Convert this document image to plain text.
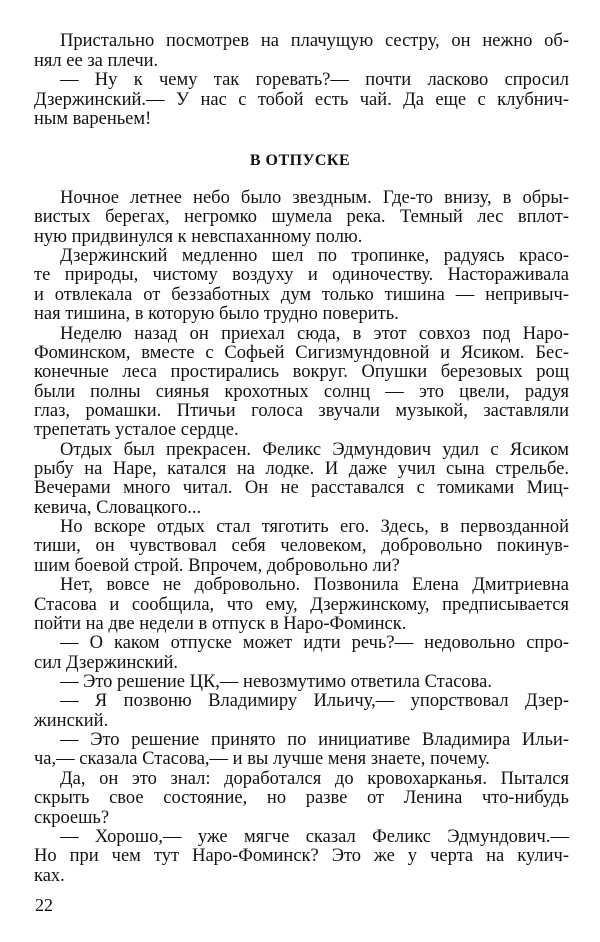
Пристально посмотрев на плачущую сестру, он нежно об-
нял ее за плечи.
— Ну к чему так горевать?— почти ласково спросил
Дзержинский.— У нас с тобой есть чай. Да еще с клубнич-
ным вареньем!
В ОТПУСКЕ
Ночное летнее небо было звездным. Где-то внизу, в обры-
вистых берегах, негромко шумела река. Темный лес вплот-
ную придвинулся к невспаханному полю.
Дзержинский медленно шел по тропинке, радуясь красо-
те природы, чистому воздуху и одиночеству. Настораживала
и отвлекала от беззаботных дум только тишина — непривыч-
ная тишина, в которую было трудно поверить.
Неделю назад он приехал сюда, в этот совхоз под Наро-
Фоминском, вместе с Софьей Сигизмундовной и Ясиком. Бес-
конечные леса простирались вокруг. Опушки березовых рощ
были полны сиянья крохотных солнц — это цвели, радуя
глаз, ромашки. Птичьи голоса звучали музыкой, заставляли
трепетать усталое сердце.
Отдых был прекрасен. Феликс Эдмундович удил с Ясиком
рыбу на Наре, катался на лодке. И даже учил сына стрельбе.
Вечерами много читал. Он не расставался с томиками Миц-
кевича, Словацкого...
Но вскоре отдых стал тяготить его. Здесь, в первозданной
тиши, он чувствовал себя человеком, добровольно покинув-
шим боевой строй. Впрочем, добровольно ли?
Нет, вовсе не добровольно. Позвонила Елена Дмитриевна
Стасова и сообщила, что ему, Дзержинскому, предписывается
пойти на две недели в отпуск в Наро-Фоминск.
— О каком отпуске может идти речь?— недовольно спро-
сил Дзержинский.
— Это решение ЦК,— невозмутимо ответила Стасова.
— Я позвоню Владимиру Ильичу,— упорствовал Дзер-
жинский.
— Это решение принято по инициативе Владимира Ильи-
ча,— сказала Стасова,— и вы лучше меня знаете, почему.
Да, он это знал: доработался до кровохарканья. Пытался
скрыть свое состояние, но разве от Ленина что-нибудь
скроешь?
— Хорошо,— уже мягче сказал Феликс Эдмундович.—
Но при чем тут Наро-Фоминск? Это же у черта на кулич-
ках.
22
